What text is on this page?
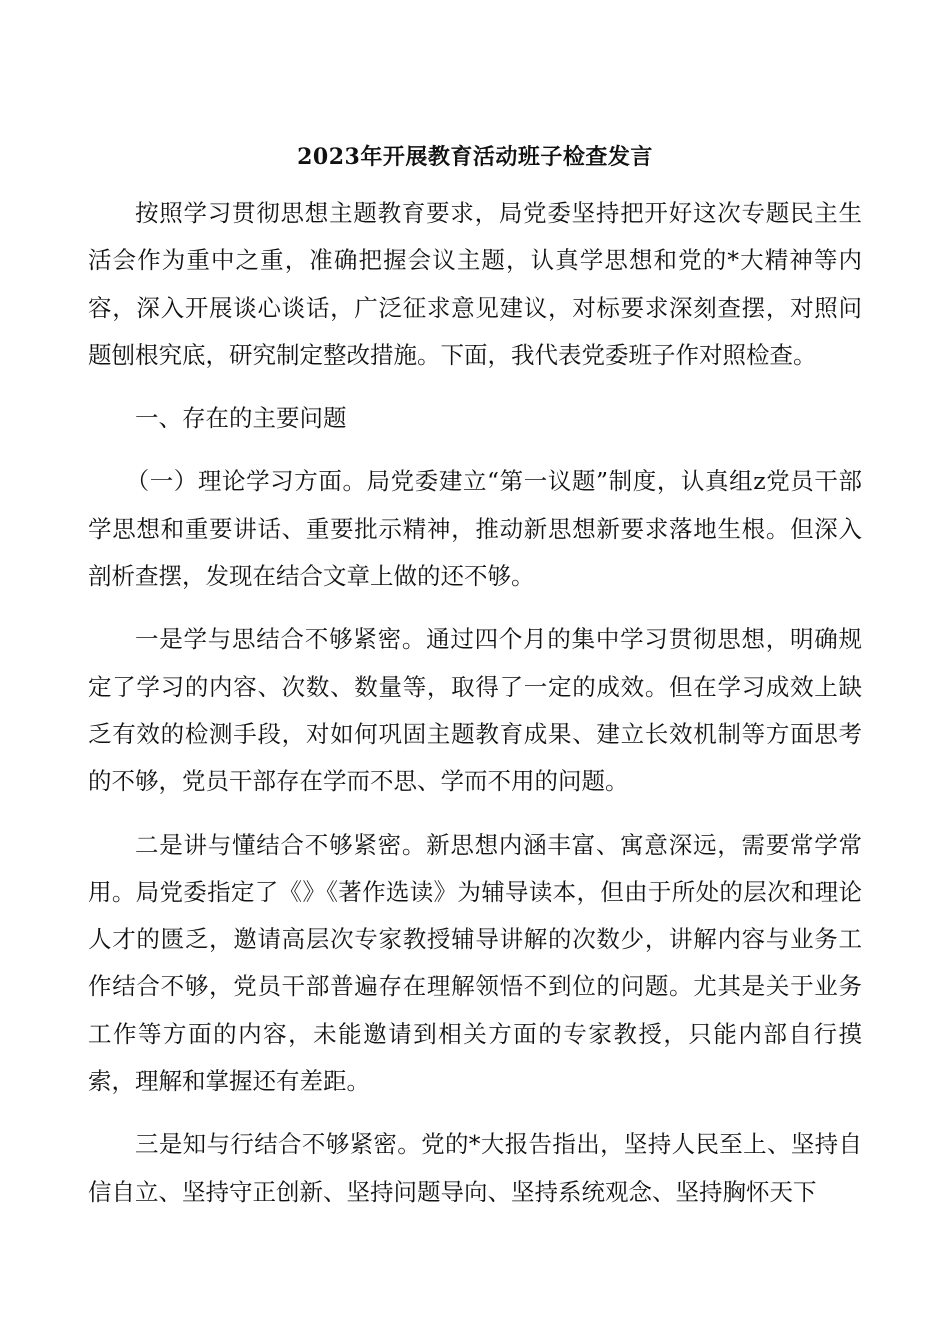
2023年开展教育活动班子检查发言

按照学习贯彻思想主题教育要求，局党委坚持把开好这次专题民主生活会作为重中之重，准确把握会议主题，认真学思想和党的*大精神等内容，深入开展谈心谈话，广泛征求意见建议，对标要求深刻查摆，对照问题刨根究底，研究制定整改措施。下面，我代表党委班子作对照检查。

一、存在的主要问题

（一）理论学习方面。局党委建立“第一议题”制度，认真组z党员干部学思想和重要讲话、重要批示精神，推动新思想新要求落地生根。但深入剖析查摆，发现在结合文章上做的还不够。

一是学与思结合不够紧密。通过四个月的集中学习贯彻思想，明确规定了学习的内容、次数、数量等，取得了一定的成效。但在学习成效上缺乏有效的检测手段，对如何巩固主题教育成果、建立长效机制等方面思考的不够，党员干部存在学而不思、学而不用的问题。

二是讲与懂结合不够紧密。新思想内涵丰富、寓意深远，需要常学常用。局党委指定了《》《著作选读》为辅导读本，但由于所处的层次和理论人才的匮乏，邀请高层次专家教授辅导讲解的次数少，讲解内容与业务工作结合不够，党员干部普遍存在理解领悟不到位的问题。尤其是关于业务工作等方面的内容，未能邀请到相关方面的专家教授，只能内部自行摸索，理解和掌握还有差距。

三是知与行结合不够紧密。党的*大报告指出，坚持人民至上、坚持自信自立、坚持守正创新、坚持问题导向、坚持系统观念、坚持胸怀天下
